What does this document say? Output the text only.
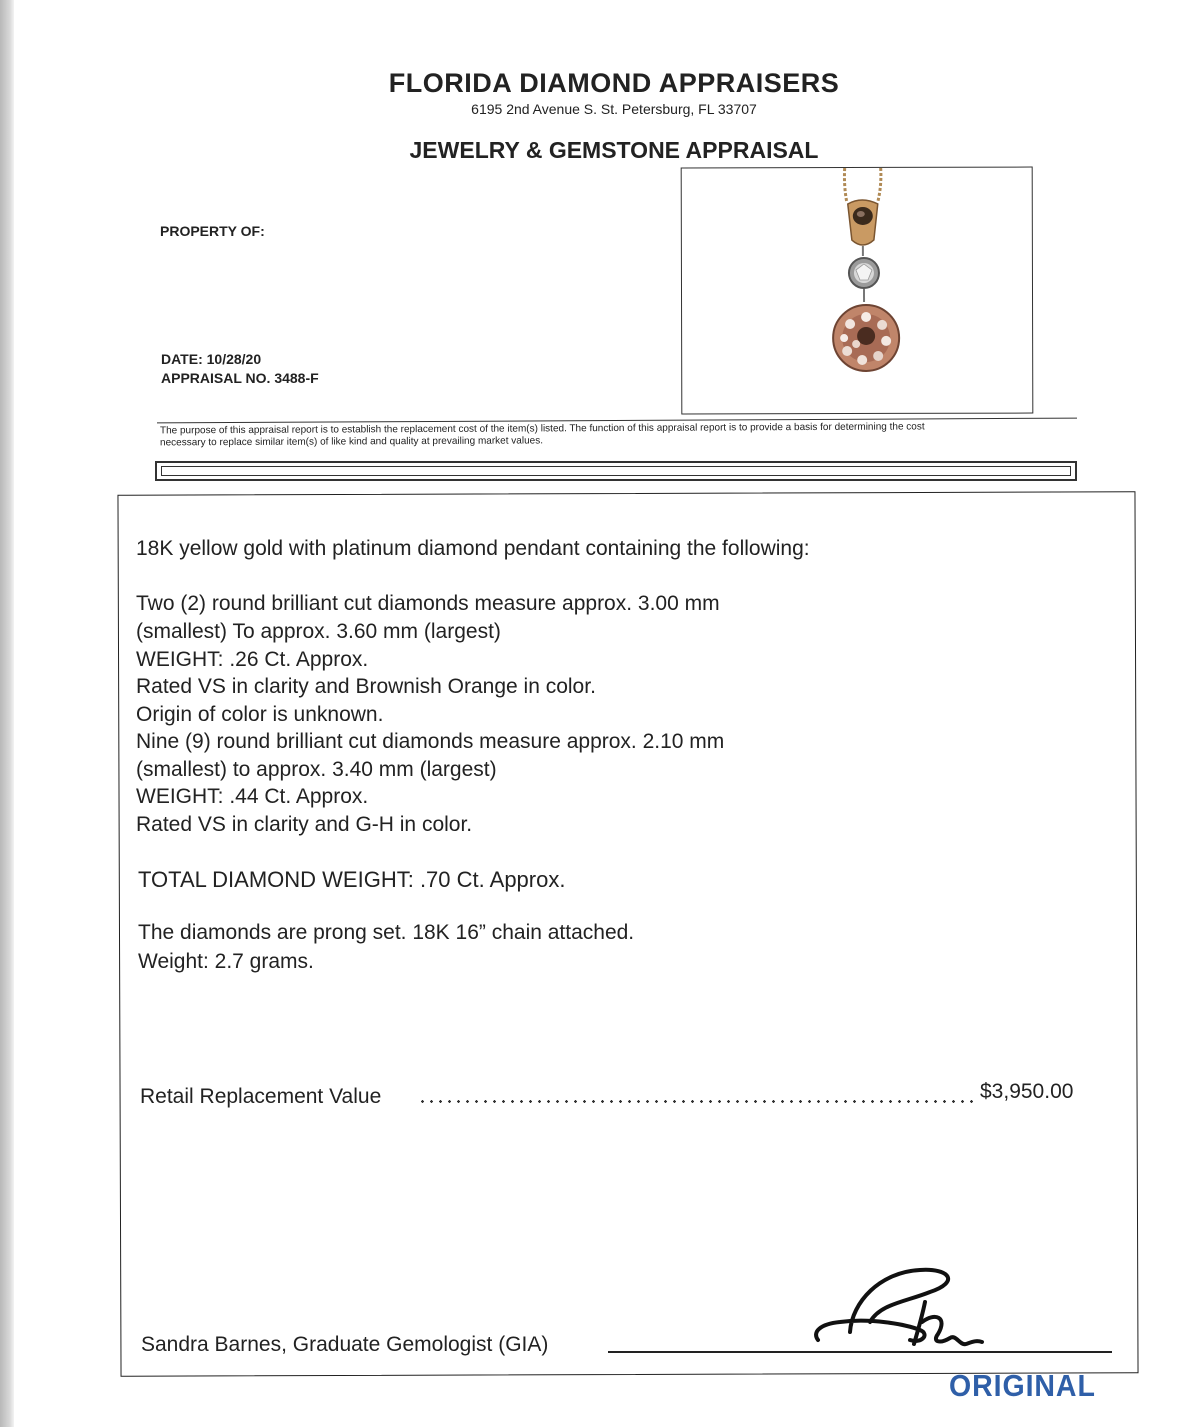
FLORIDA DIAMOND APPRAISERS
6195 2nd Avenue S. St. Petersburg, FL 33707
JEWELRY & GEMSTONE APPRAISAL
PROPERTY OF:
DATE: 10/28/20
APPRAISAL NO. 3488-F
The purpose of this appraisal report is to establish the replacement cost of the item(s) listed. The function of this appraisal report is to provide a basis for determining the cost
necessary to replace similar item(s) of like kind and quality at prevailing market values.
18K yellow gold with platinum diamond pendant containing the following:
Two (2) round brilliant cut diamonds measure approx. 3.00 mm
(smallest) To approx. 3.60 mm (largest)
WEIGHT: .26 Ct. Approx.
Rated VS in clarity and Brownish Orange in color.
Origin of color is unknown.
Nine (9) round brilliant cut diamonds measure approx. 2.10 mm
(smallest) to approx. 3.40 mm (largest)
WEIGHT: .44 Ct. Approx.
Rated VS in clarity and G-H in color.
TOTAL DIAMOND WEIGHT: .70 Ct. Approx.
The diamonds are prong set. 18K 16” chain attached.
Weight: 2.7 grams.
Retail Replacement Value	$3,950.00
Sandra Barnes, Graduate Gemologist (GIA)
ORIGINAL
